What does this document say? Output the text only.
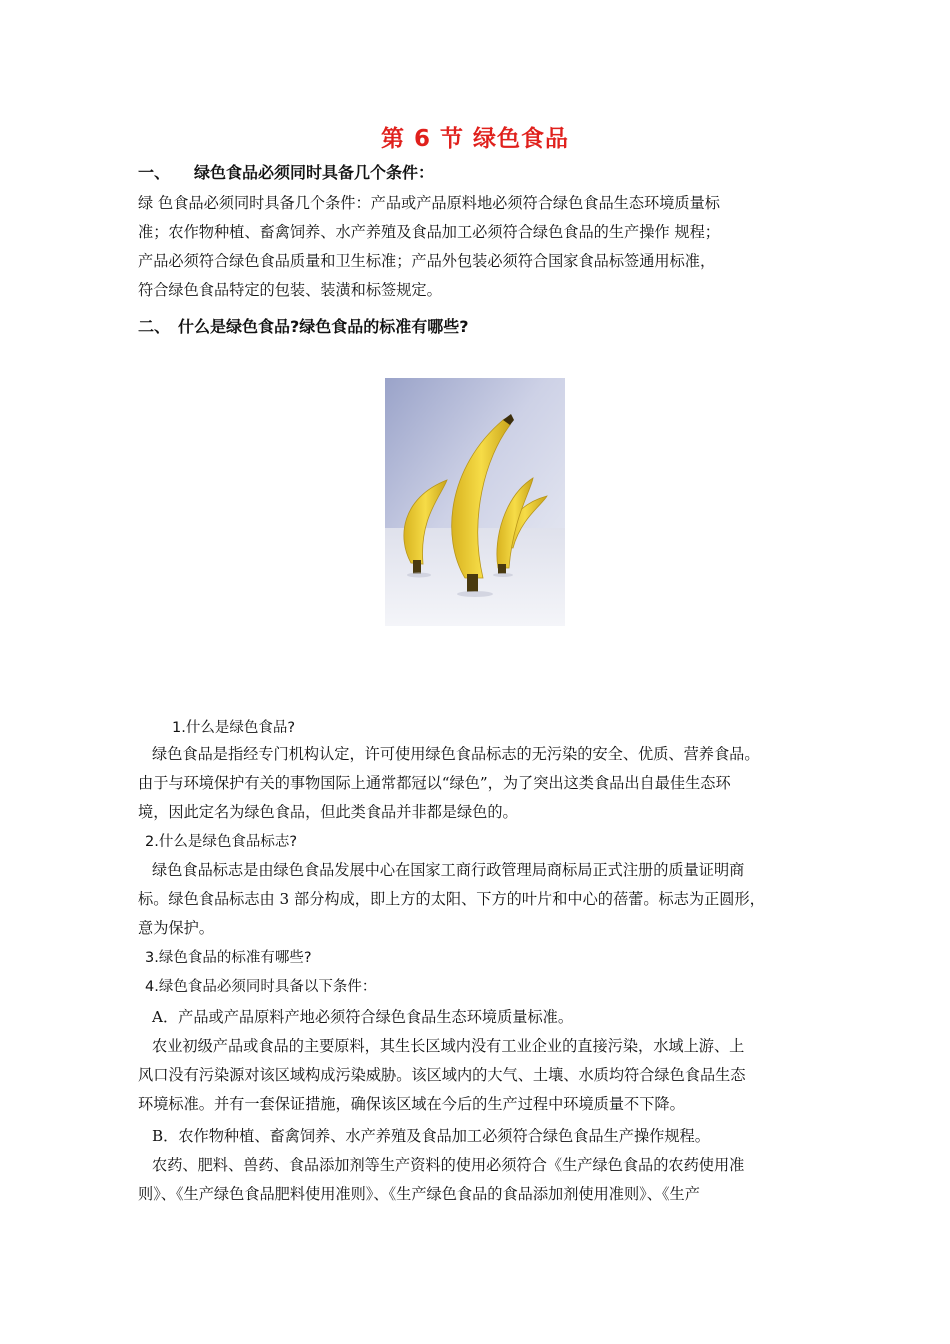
第 6 节 绿色食品
一、 绿色食品必须同时具备几个条件：
绿 色食品必须同时具备几个条件：产品或产品原料地必须符合绿色食品生态环境质量标
准；农作物种植、畜禽饲养、水产养殖及食品加工必须符合绿色食品的生产操作 规程；
产品必须符合绿色食品质量和卫生标准；产品外包装必须符合国家食品标签通用标准，
符合绿色食品特定的包装、装潢和标签规定。
二、 什么是绿色食品?绿色食品的标准有哪些?
1.什么是绿色食品?
绿色食品是指经专门机构认定，许可使用绿色食品标志的无污染的安全、优质、营养食品。
由于与环境保护有关的事物国际上通常都冠以“绿色”，为了突出这类食品出自最佳生态环
境，因此定名为绿色食品，但此类食品并非都是绿色的。
2.什么是绿色食品标志?
绿色食品标志是由绿色食品发展中心在国家工商行政管理局商标局正式注册的质量证明商
标。绿色食品标志由 3 部分构成，即上方的太阳、下方的叶片和中心的蓓蕾。标志为正圆形，
意为保护。
3.绿色食品的标准有哪些?
4.绿色食品必须同时具备以下条件：
A．产品或产品原料产地必须符合绿色食品生态环境质量标准。
农业初级产品或食品的主要原料，其生长区域内没有工业企业的直接污染，水域上游、上
风口没有污染源对该区域构成污染威胁。该区域内的大气、土壤、水质均符合绿色食品生态
环境标准。并有一套保证措施，确保该区域在今后的生产过程中环境质量不下降。
B．农作物种植、畜禽饲养、水产养殖及食品加工必须符合绿色食品生产操作规程。
农药、肥料、兽药、食品添加剂等生产资料的使用必须符合《生产绿色食品的农药使用准
则》、《生产绿色食品肥料使用准则》、《生产绿色食品的食品添加剂使用准则》、《生产
